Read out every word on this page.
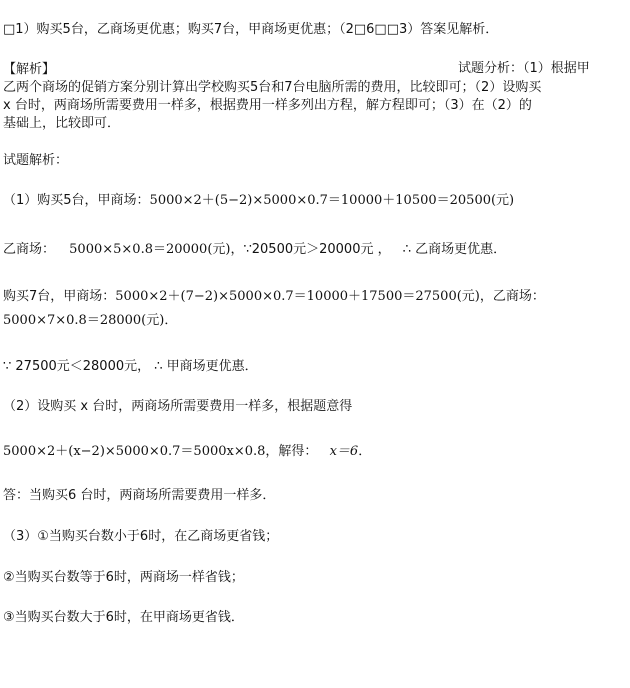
□1）购买5台，乙商场更优惠；购买7台，甲商场更优惠；（2□6□□3）答案见解析．
【解析】	试题分析：（1）根据甲
乙两个商场的促销方案分别计算出学校购买5台和7台电脑所需的费用，比较即可；（2）设购买
x 台时，两商场所需要费用一样多，根据费用一样多列出方程，解方程即可；（3）在（2）的
基础上，比较即可．
试题解析：
（1）购买5台，甲商场：5000×2＋(5−2)×5000×0.7＝10000＋10500＝20500(元)
乙商场： 5000×5×0.8＝20000(元)，∵20500元＞20000元 ， ∴ 乙商场更优惠．
购买7台，甲商场：5000×2＋(7−2)×5000×0.7＝10000＋17500＝27500(元)，乙商场：
5000×7×0.8＝28000(元)．
∵ 27500元＜28000元， ∴ 甲商场更优惠．
（2）设购买 x 台时，两商场所需要费用一样多，根据题意得
5000×2＋(x−2)×5000×0.7＝5000x×0.8，解得： x＝6．
答：当购买6 台时，两商场所需要费用一样多．
（3）①当购买台数小于6时，在乙商场更省钱；
②当购买台数等于6时，两商场一样省钱；
③当购买台数大于6时，在甲商场更省钱．
